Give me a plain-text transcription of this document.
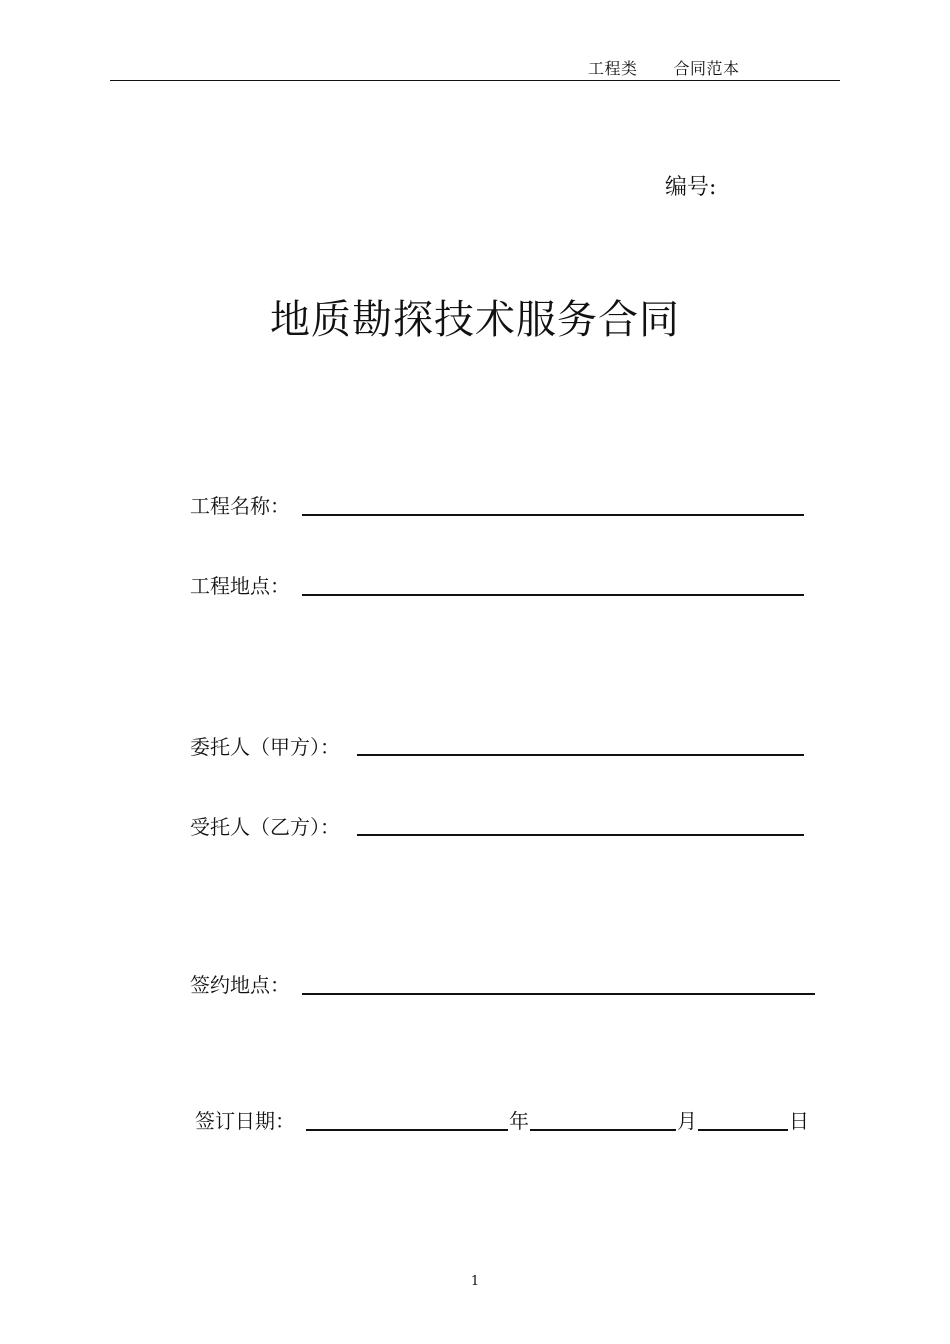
工程类 合同范本
编号:
地质勘探技术服务合同
工程名称：
工程地点：
委托人（甲方）：
受托人（乙方）：
签约地点：
签订日期：	年	月	日
1
